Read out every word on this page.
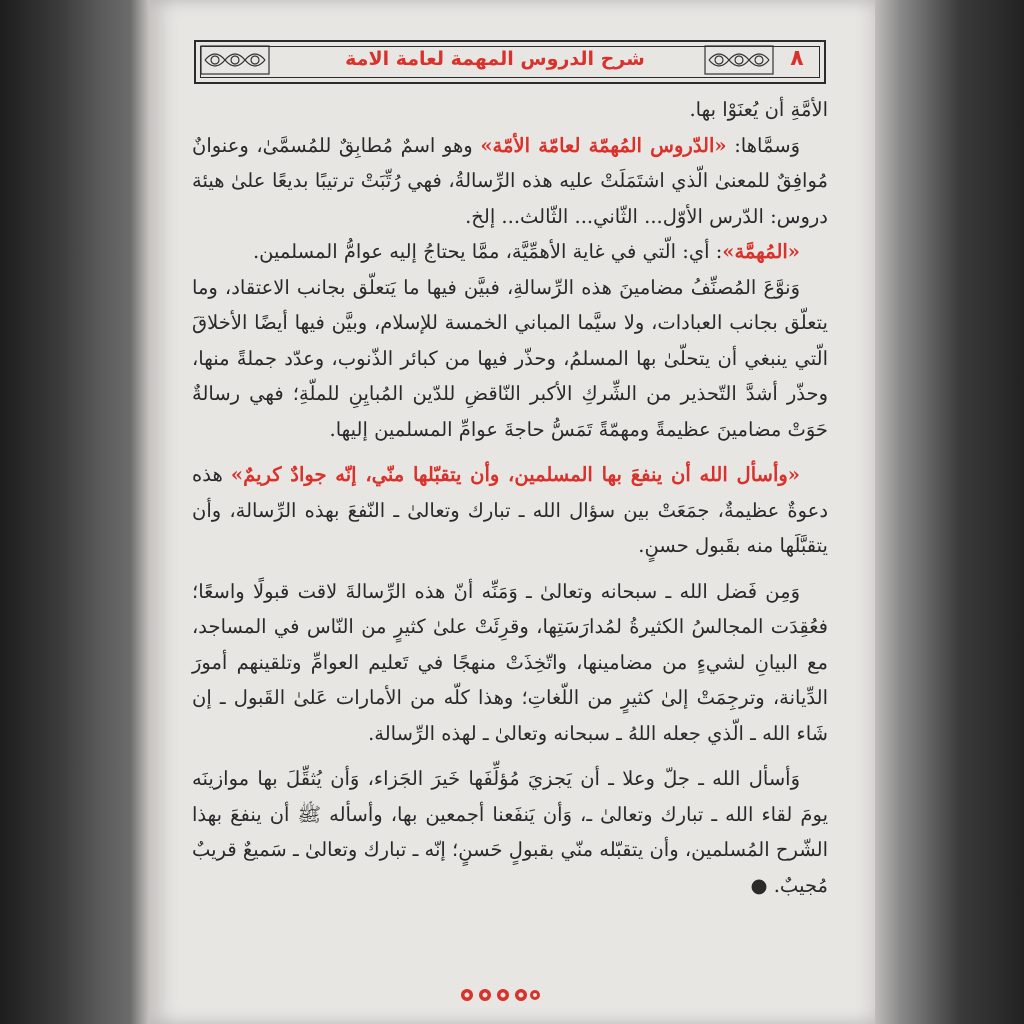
شرح الدروس المهمة لعامة الامة	٨

الأمَّةِ أن يُعنَوْا بها.

وَسمَّاها: «الدّروس المُهمّة لعامّة الأمّة» وهو اسمٌ مُطابِقٌ للمُسمَّىٰ، وعنوانٌ مُوافِقٌ للمعنىٰ الّذي اشتَمَلَتْ عليه هذه الرِّسالةُ، فهي رُتِّبَتْ ترتيبًا بديعًا علىٰ هيئة دروس: الدّرس الأوّل... الثّاني... الثّالث... إلخ.

«المُهمَّة»: أي: الّتي في غاية الأهمِّيَّة، ممَّا يحتاجُ إليه عوامُّ المسلمين.

وَنوَّعَ المُصنِّفُ مضامينَ هذه الرِّسالةِ، فبيَّن فيها ما يَتعلّق بجانب الاعتقاد، وما يتعلّق بجانب العبادات، ولا سيَّما المباني الخمسة للإسلام، وبيَّن فيها أيضًا الأخلاقَ الّتي ينبغي أن يتحلّىٰ بها المسلمُ، وحذّر فيها من كبائر الذّنوب، وعدّد جملةً منها، وحذّر أشدَّ التّحذير من الشِّركِ الأكبر النّاقضِ للدّين المُبايِنِ للملّةِ؛ فهي رسالةٌ حَوَتْ مضامينَ عظيمةً ومهمّةً تَمَسُّ حاجةَ عوامِّ المسلمين إليها.

«وأسأل الله أن ينفعَ بها المسلمين، وأن يتقبّلها منّي، إنّه جوادٌ كريمٌ» هذه دعوةٌ عظيمةٌ، جمَعَتْ بين سؤال الله ـ تبارك وتعالىٰ ـ النّفعَ بهذه الرِّسالة، وأن يتقبَّلَها منه بقَبول حسنٍ.

وَمِن فَضل الله ـ سبحانه وتعالىٰ ـ وَمَنِّه أنّ هذه الرِّسالةَ لاقت قبولًا واسعًا؛ فعُقِدَت المجالسُ الكثيرةُ لمُدارَسَتِها، وقرِئَتْ علىٰ كثيرٍ من النّاس في المساجد، مع البيانِ لشيءٍ من مضامينها، واتّخِذَتْ منهجًا في تَعليم العوامِّ وتلقينهم أمورَ الدِّيانة، وترجِمَتْ إلىٰ كثيرٍ من اللّغاتِ؛ وهذا كلّه من الأمارات عَلىٰ القَبول ـ إن شَاء الله ـ الّذي جعله اللهُ ـ سبحانه وتعالىٰ ـ لهذه الرِّسالة.

وَأسأل الله ـ جلّ وعلا ـ أن يَجزيَ مُؤلِّفَها خَيرَ الجَزاء، وَأن يُثقِّلَ بها موازينَه يومَ لقاء الله ـ تبارك وتعالىٰ ـ، وَأن يَنفَعنا أجمعين بها، وأسأله ﷺ أن ينفعَ بهذا الشّرح المُسلمين، وأن يتقبّله منّي بقبولٍ حَسنٍ؛ إنّه ـ تبارك وتعالىٰ ـ سَميعٌ قريبٌ مُجيبٌ. ●
